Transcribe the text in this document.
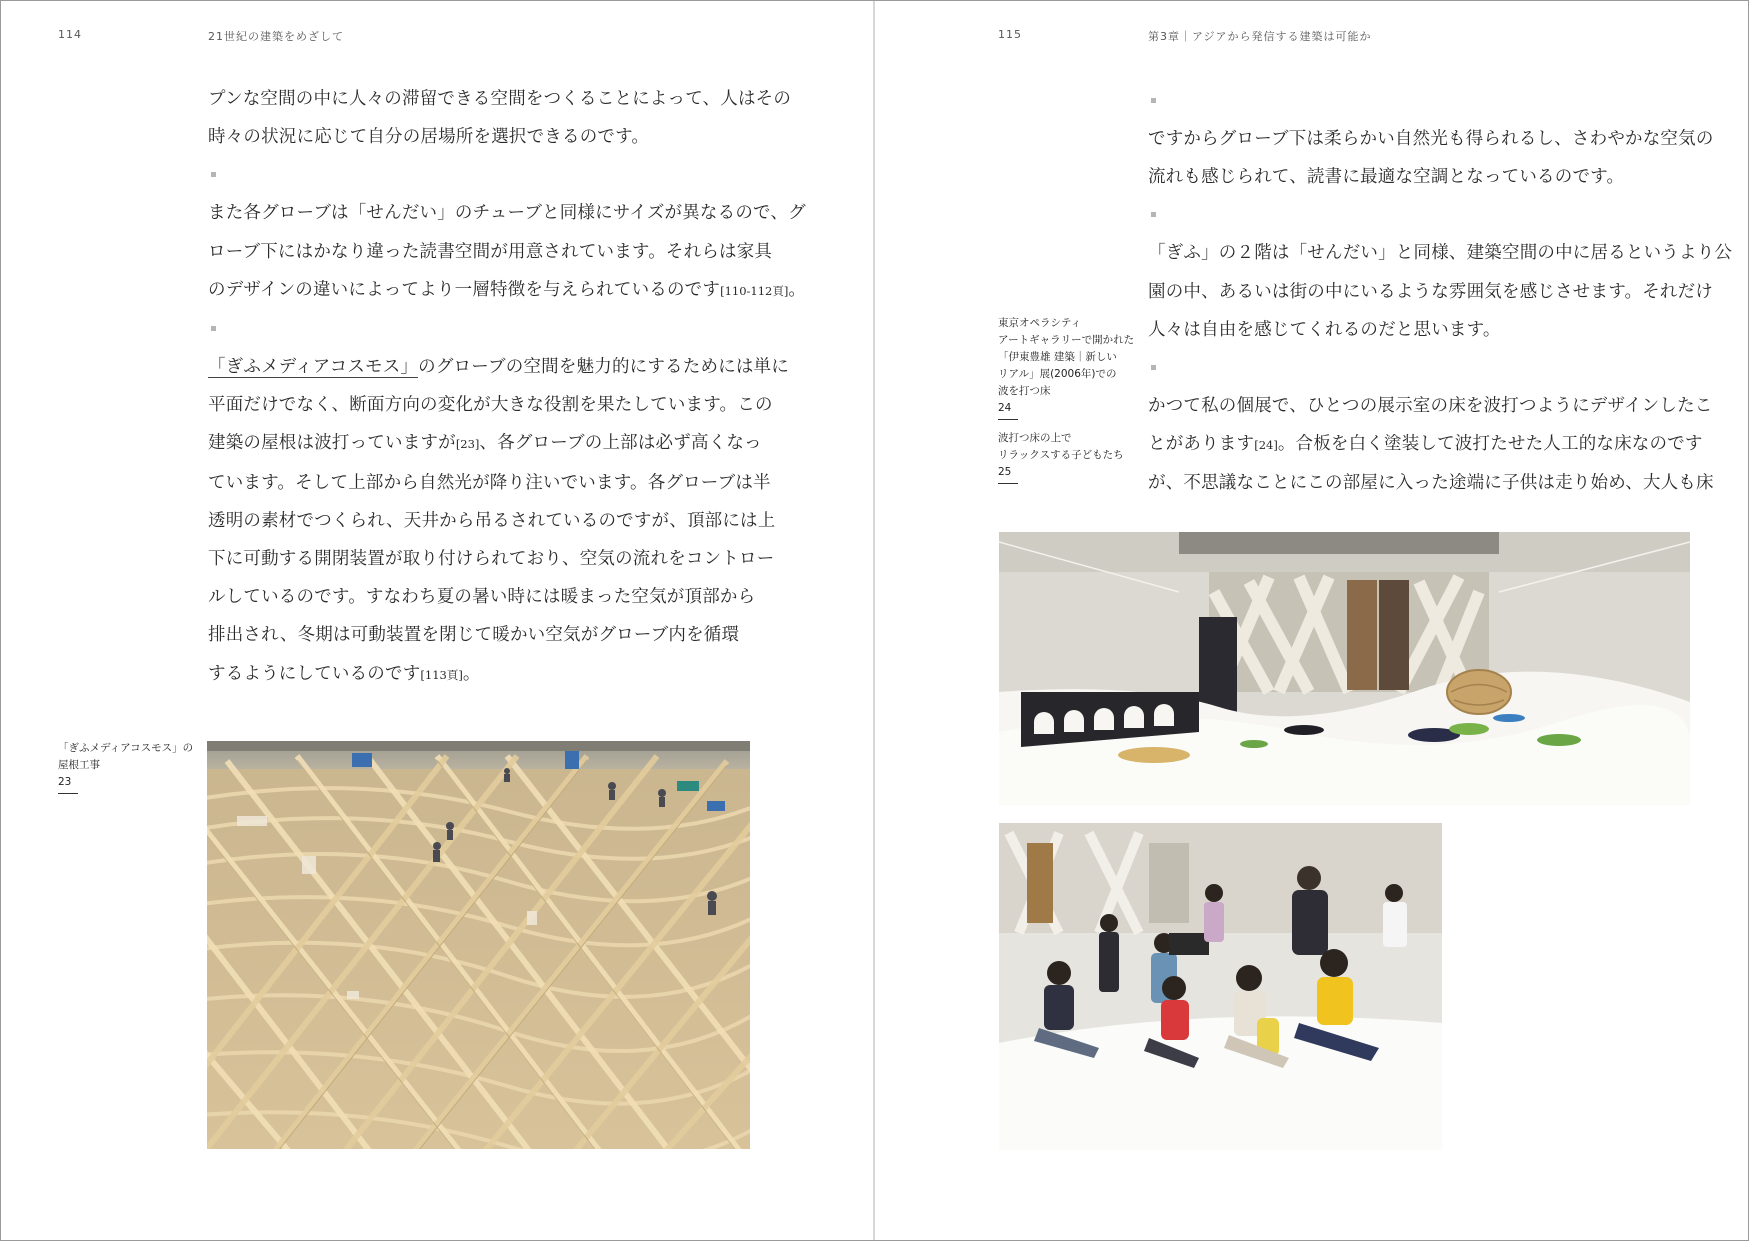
114	21世紀の建築をめざして

プンな空間の中に人々の滞留できる空間をつくることによって、人はその

時々の状況に応じて自分の居場所を選択できるのです。

また各グローブは「せんだい」のチューブと同様にサイズが異なるので、グ

ローブ下にはかなり違った読書空間が用意されています。それらは家具

のデザインの違いによってより一層特徴を与えられているのです[110-112頁]。

「ぎふメディアコスモス」のグローブの空間を魅力的にするためには単に

平面だけでなく、断面方向の変化が大きな役割を果たしています。この

建築の屋根は波打っていますが[23]、各グローブの上部は必ず高くなっ

ています。そして上部から自然光が降り注いでいます。各グローブは半

透明の素材でつくられ、天井から吊るされているのですが、頂部には上

下に可動する開閉装置が取り付けられており、空気の流れをコントロー

ルしているのです。すなわち夏の暑い時には暖まった空気が頂部から

排出され、冬期は可動装置を閉じて暖かい空気がグローブ内を循環

するようにしているのです[113頁]。

「ぎふメディアコスモス」の
屋根工事
23
115	第3章｜アジアから発信する建築は可能か

ですからグローブ下は柔らかい自然光も得られるし、さわやかな空気の

流れも感じられて、読書に最適な空調となっているのです。

「ぎふ」の２階は「せんだい」と同様、建築空間の中に居るというより公

園の中、あるいは街の中にいるような雰囲気を感じさせます。それだけ

人々は自由を感じてくれるのだと思います。

かつて私の個展で、ひとつの展示室の床を波打つようにデザインしたこ

とがあります[24]。合板を白く塗装して波打たせた人工的な床なのです

が、不思議なことにこの部屋に入った途端に子供は走り始め、大人も床

東京オペラシティ
アートギャラリーで開かれた
「伊東豊雄 建築｜新しい
リアル」展(2006年)での
波を打つ床
24
波打つ床の上で
リラックスする子どもたち
25
